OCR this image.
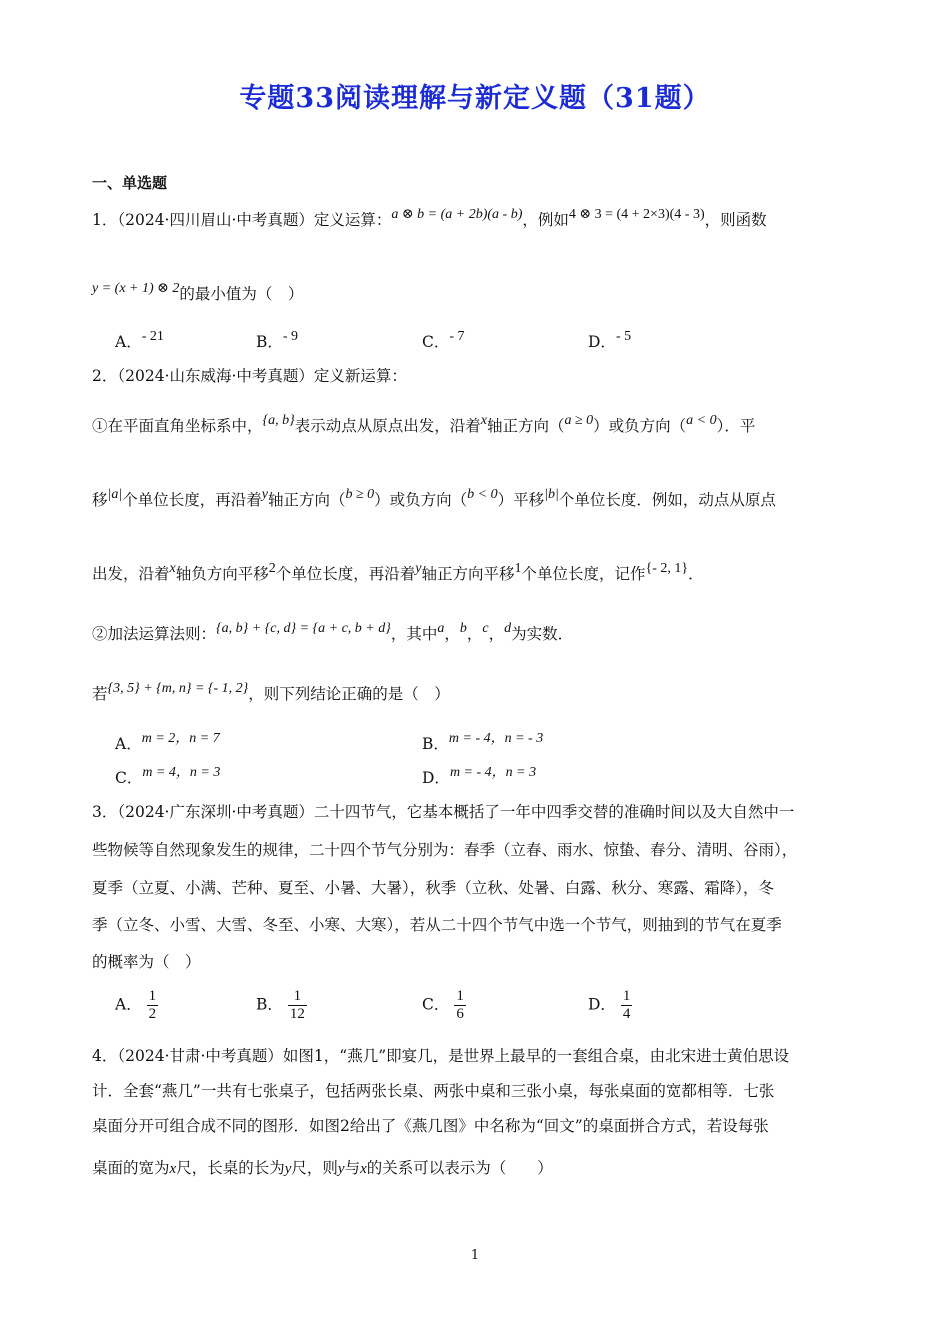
专题33阅读理解与新定义题（31题）
一、单选题
1．（2024·四川眉山·中考真题）定义运算：a ⊗ b = (a + 2b)(a - b)，例如4 ⊗ 3 = (4 + 2×3)(4 - 3)，则函数
y = (x + 1) ⊗ 2的最小值为（　）
A．- 21	B．- 9	C．- 7	D．- 5
2．（2024·山东威海·中考真题）定义新运算：
①在平面直角坐标系中，{a, b}表示动点从原点出发，沿着x轴正方向（a ≥ 0）或负方向（a < 0）．平
移|a|个单位长度，再沿着y轴正方向（b ≥ 0）或负方向（b < 0）平移|b|个单位长度．例如，动点从原点
出发，沿着x轴负方向平移2个单位长度，再沿着y轴正方向平移1个单位长度，记作{- 2, 1}．
②加法运算法则：{a, b} + {c, d} = {a + c, b + d}，其中a，b，c，d为实数．
若{3, 5} + {m, n} = {- 1, 2}，则下列结论正确的是（　）
A．m = 2，n = 7	B．m = - 4，n = - 3
C．m = 4，n = 3	D．m = - 4，n = 3
3．（2024·广东深圳·中考真题）二十四节气，它基本概括了一年中四季交替的准确时间以及大自然中一
些物候等自然现象发生的规律，二十四个节气分别为：春季（立春、雨水、惊蛰、春分、清明、谷雨），
夏季（立夏、小满、芒种、夏至、小暑、大暑），秋季（立秋、处暑、白露、秋分、寒露、霜降），冬
季（立冬、小雪、大雪、冬至、小寒、大寒），若从二十四个节气中选一个节气，则抽到的节气在夏季
的概率为（　）
A． $\frac{1}{2}$	B． $\frac{1}{12}$	C． $\frac{1}{6}$	D． $\frac{1}{4}$
4．（2024·甘肃·中考真题）如图1，“燕几”即宴几，是世界上最早的一套组合桌，由北宋进士黄伯思设
计．全套“燕几”一共有七张桌子，包括两张长桌、两张中桌和三张小桌，每张桌面的宽都相等．七张
桌面分开可组合成不同的图形．如图2给出了《燕几图》中名称为“回文”的桌面拼合方式，若设每张
桌面的宽为x尺，长桌的长为y尺，则y与x的关系可以表示为（　　）
1
